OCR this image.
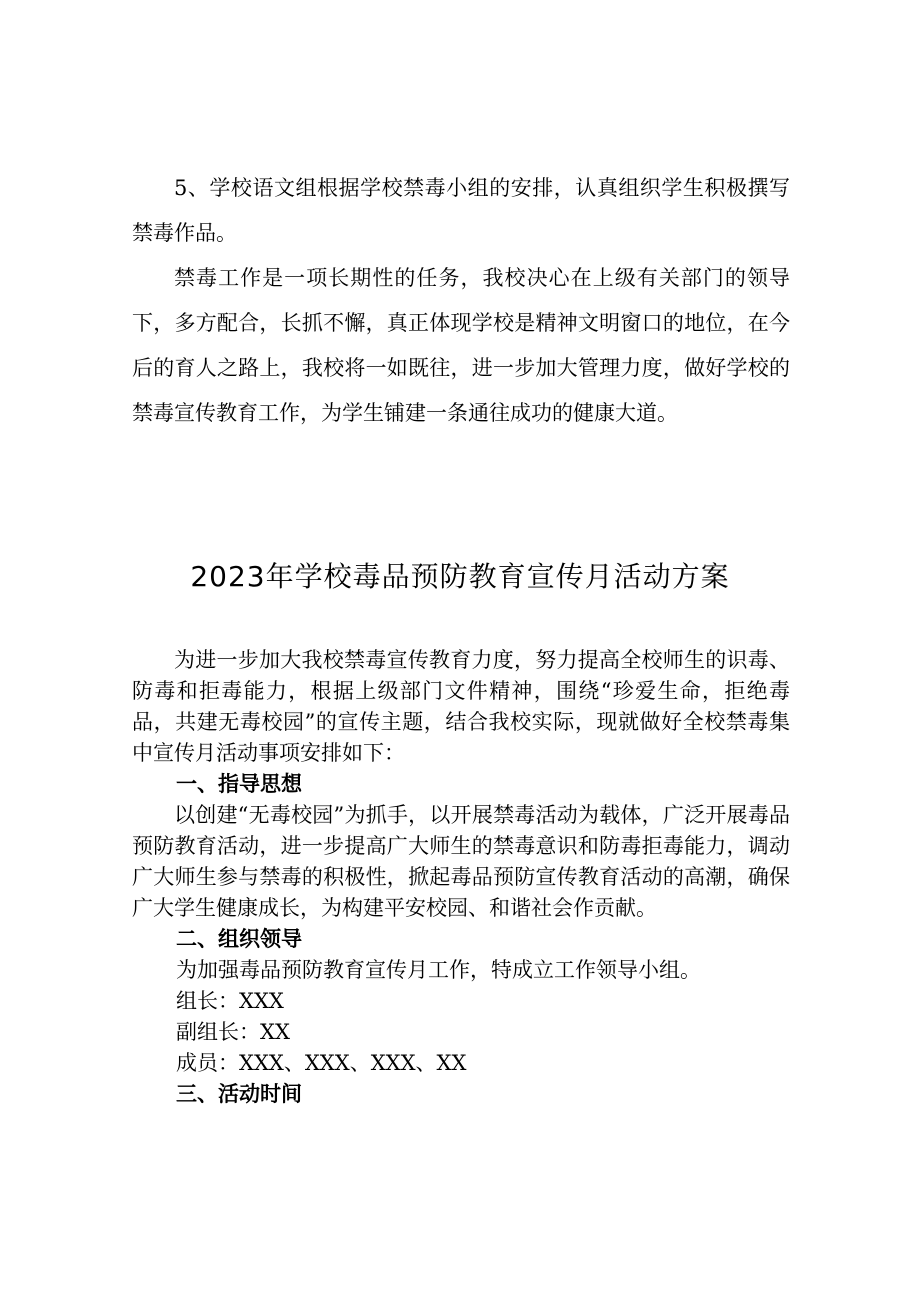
5、学校语文组根据学校禁毒小组的安排，认真组织学生积极撰写禁毒作品。

禁毒工作是一项长期性的任务，我校决心在上级有关部门的领导下，多方配合，长抓不懈，真正体现学校是精神文明窗口的地位，在今后的育人之路上，我校将一如既往，进一步加大管理力度，做好学校的禁毒宣传教育工作，为学生铺建一条通往成功的健康大道。

2023年学校毒品预防教育宣传月活动方案

为进一步加大我校禁毒宣传教育力度，努力提高全校师生的识毒、防毒和拒毒能力，根据上级部门文件精神，围绕“珍爱生命，拒绝毒品，共建无毒校园”的宣传主题，结合我校实际，现就做好全校禁毒集中宣传月活动事项安排如下：

一、指导思想

以创建“无毒校园”为抓手，以开展禁毒活动为载体，广泛开展毒品预防教育活动，进一步提高广大师生的禁毒意识和防毒拒毒能力，调动广大师生参与禁毒的积极性，掀起毒品预防宣传教育活动的高潮，确保广大学生健康成长，为构建平安校园、和谐社会作贡献。

二、组织领导

为加强毒品预防教育宣传月工作，特成立工作领导小组。

组长：XXX

副组长：XX

成员：XXX、XXX、XXX、XX

三、活动时间
